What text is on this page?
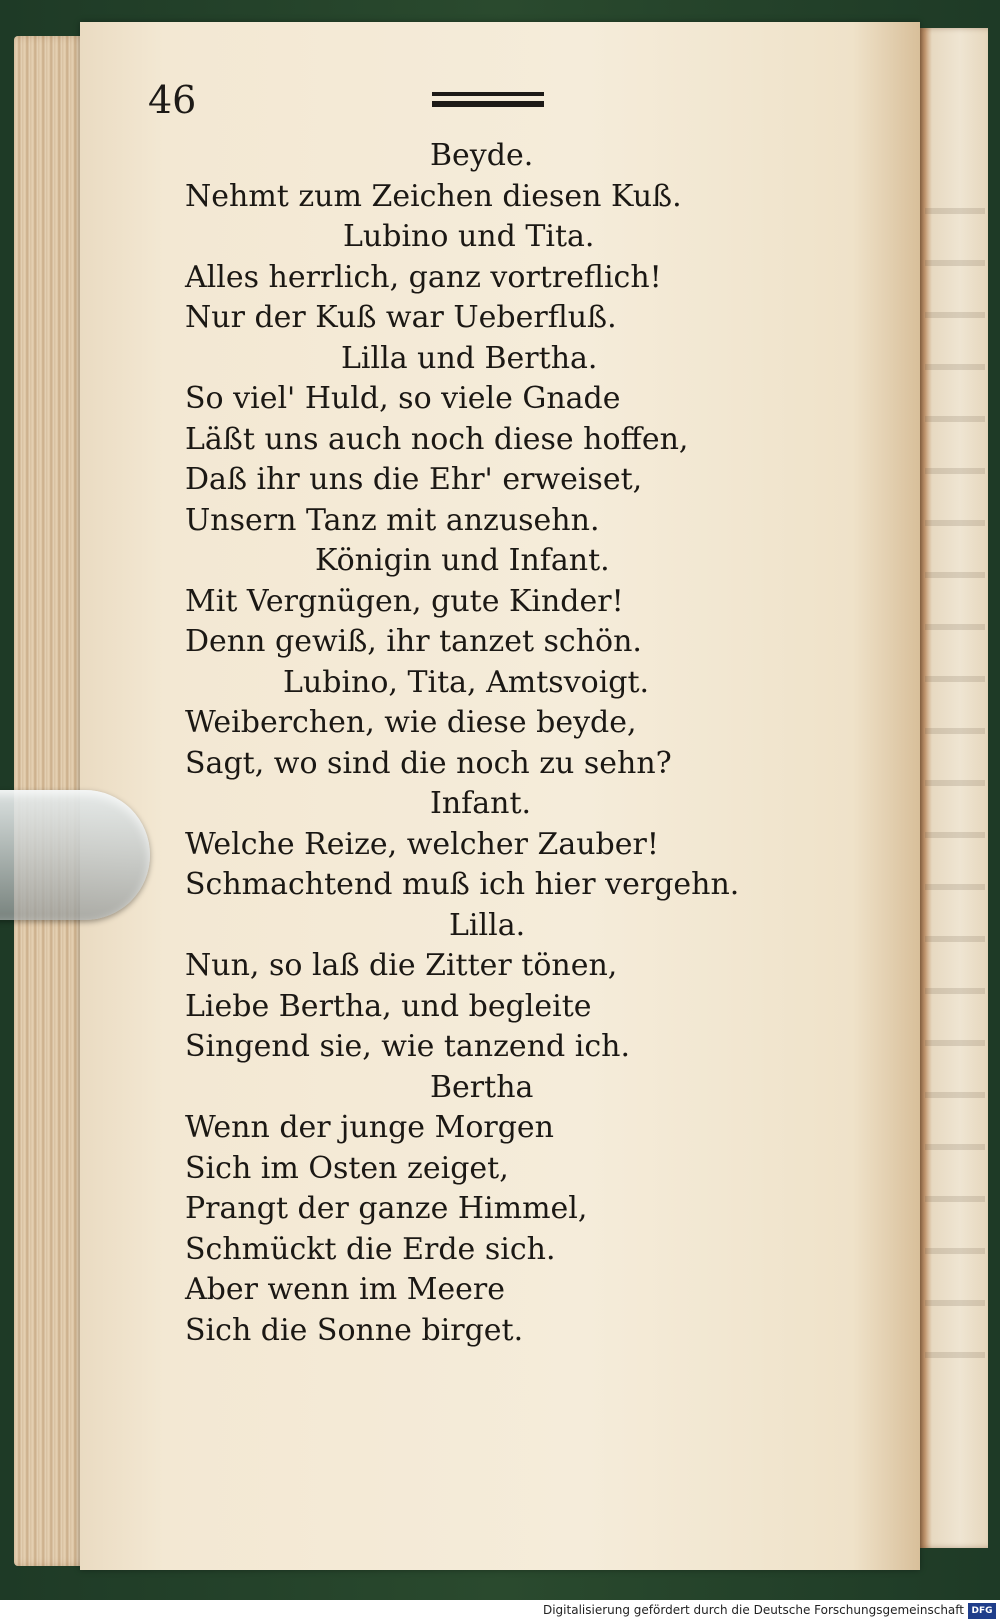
46
Beyde.
Nehmt zum Zeichen diesen Kuß.
Lubino und Tita.
Alles herrlich, ganz vortreflich!
Nur der Kuß war Ueberfluß.
Lilla und Bertha.
So viel' Huld, so viele Gnade
Läßt uns auch noch diese hoffen,
Daß ihr uns die Ehr' erweiset,
Unsern Tanz mit anzusehn.
Königin und Infant.
Mit Vergnügen, gute Kinder!
Denn gewiß, ihr tanzet schön.
Lubino, Tita, Amtsvoigt.
Weiberchen, wie diese beyde,
Sagt, wo sind die noch zu sehn?
Infant.
Welche Reize, welcher Zauber!
Schmachtend muß ich hier vergehn.
Lilla.
Nun, so laß die Zitter tönen,
Liebe Bertha, und begleite
Singend sie, wie tanzend ich.
Bertha
Wenn der junge Morgen
Sich im Osten zeiget,
Prangt der ganze Himmel,
Schmückt die Erde sich.
Aber wenn im Meere
Sich die Sonne birget.
Digitalisierung gefördert durch die Deutsche Forschungsgemeinschaft DFG
